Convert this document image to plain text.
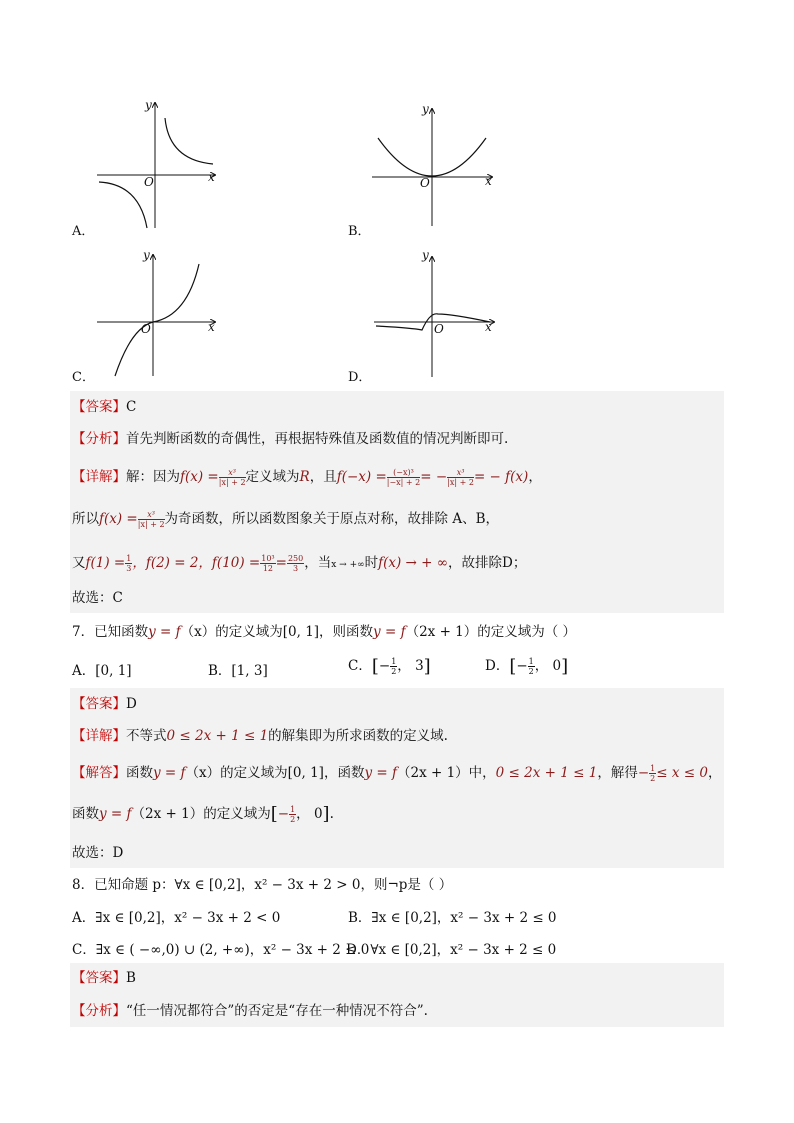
y
x
O
A．
y
x
O
B．
y
x
O
C．
y
x
O
D．
【答案】C
【分析】首先判断函数的奇偶性，再根据特殊值及函数值的情况判断即可.
【详解】解：因为$f(x) = \frac{\text{x³}}{|x| + 2}$ 定义域为R，且$f(-x) = \frac{\text{(−x)³}}{|-x| + 2}$ = − $\frac{\text{x³}}{|x| + 2}$ = − f(x)，
所以$f(x) = \frac{\text{x³}}{|x| + 2}$ 为奇函数，所以函数图象关于原点对称，故排除 A、B，
又$f(1) = \frac{1}{3}$ ，f(2) = 2，$f(10) = \frac{\text{10³}}{12} = \frac{250}{3}$ ，当x → +∞时f(x) → + ∞，故排除D；
故选：C
7．已知函数y = f（x）的定义域为[0, 1]，则函数y = f（2x + 1）的定义域为（ ）
A．[0, 1]	B．[1, 3]	C．[− $\frac{1}{2}$ ， 3]	D．[− $\frac{1}{2}$ ， 0]
【答案】D
【详解】不等式0 ≤ 2x + 1 ≤ 1的解集即为所求函数的定义域.
【解答】函数y = f（x）的定义域为[0, 1]，函数y = f（2x + 1）中，0 ≤ 2x + 1 ≤ 1，解得− $\frac{1}{2} \le x \le 0$，
函数y = f（2x + 1）的定义域为[− $\frac{1}{2}$ ， 0].
故选：D
8．已知命题 p：∀x ∈ [0,2]，x² − 3x + 2 > 0，则¬p是（ ）
A．∃x ∈ [0,2]，x² − 3x + 2 < 0	B．∃x ∈ [0,2]，x² − 3x + 2 ≤ 0
C．∃x ∈ ( −∞,0) ∪ (2, +∞)，x² − 3x + 2 ≤ 0
D．∀x ∈ [0,2]，x² − 3x + 2 ≤ 0
【答案】B
【分析】“任一情况都符合”的否定是“存在一种情况不符合”.
